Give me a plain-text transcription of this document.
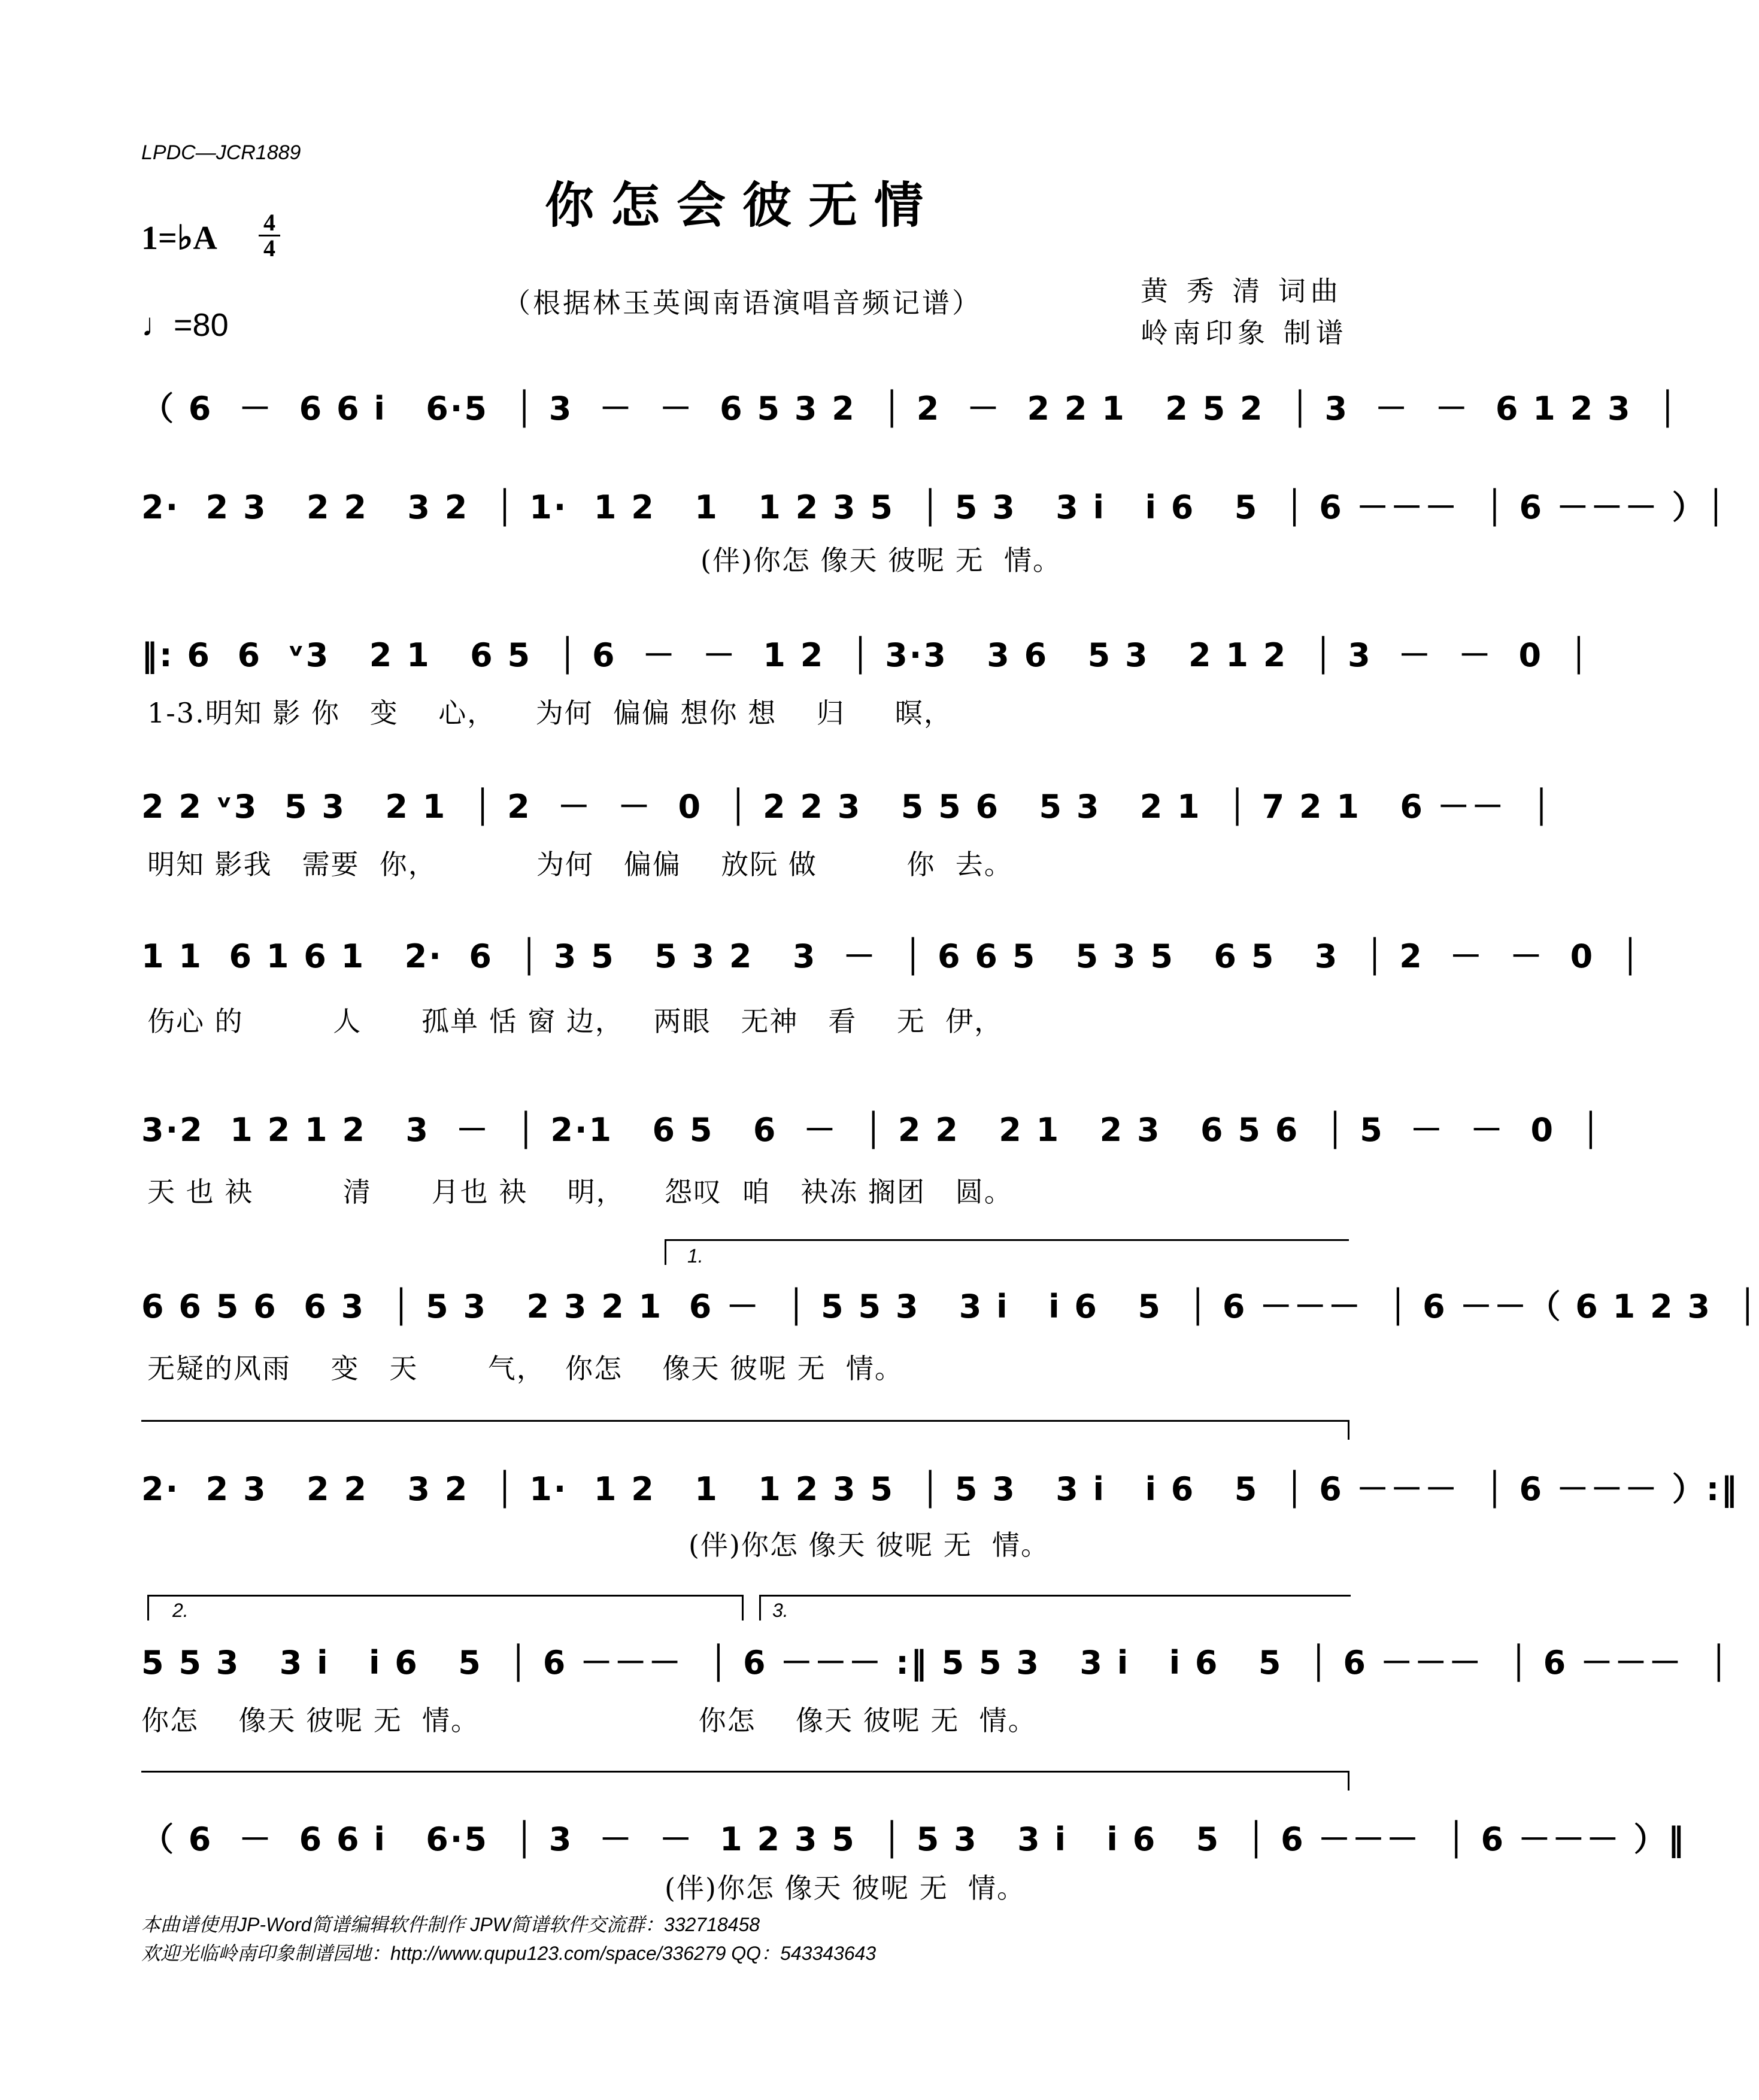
LPDC—JCR1889
你怎会彼无情
1=♭A 4
4
♩=80
（根据林玉英闽南语演唱音频记谱）	黄 秀 清 词曲
岭南印象 制谱
（ 6  －  6 6 i   6·5  │ 3  －  －  6 5 3 2  │ 2  －  2 2 1   2 5 2  │ 3  －  －  6 1 2 3  │
2·  2 3   2 2   3 2  │ 1·  1 2   1   1 2 3 5  │ 5 3   3 i   i 6   5  │ 6 －－－  │ 6 －－－ ）│
(伴)你怎 像天 彼呢 无  情。
‖: 6  6  ᵛ3   2 1   6 5  │ 6  －  －  1 2  │ 3·3   3 6   5 3   2 1 2  │ 3  －  －  0  │
1-3.明知 影 你   变    心，    为何  偏偏 想你 想    归     暝，
2 2 ᵛ3  5 3   2 1  │ 2  －  －  0  │ 2 2 3   5 5 6   5 3   2 1  │ 7 2 1   6 －－  │
明知 影我   需要  你，          为何   偏偏    放阮 做         你  去。
1 1  6 1 6 1   2·  6  │ 3 5   5 3 2   3  －  │ 6 6 5   5 3 5   6 5   3  │ 2  －  －  0  │
伤心 的         人      孤单 恬 窗 边，   两眼   无神   看    无  伊，
3·2  1 2 1 2   3  －  │ 2·1   6 5   6  －  │ 2 2   2 1   2 3   6 5 6  │ 5  －  －  0  │
天 也 袂         清      月也 袂    明，    怨叹  咱   袂冻 搁团   圆。
1.
6 6 5 6  6 3  │ 5 3   2 3 2 1  6 －  │ 5 5 3   3 i   i 6   5  │ 6 －－－  │ 6 －－（ 6 1 2 3  │
无疑的风雨    变   天       气，  你怎    像天 彼呢 无  情。
2·  2 3   2 2   3 2  │ 1·  1 2   1   1 2 3 5  │ 5 3   3 i   i 6   5  │ 6 －－－  │ 6 －－－ ）:‖
(伴)你怎 像天 彼呢 无  情。
2.	3.
5 5 3   3 i   i 6   5  │ 6 －－－  │ 6 －－－ :‖ 5 5 3   3 i   i 6   5  │ 6 －－－  │ 6 －－－  │
你怎    像天 彼呢 无  情。                      你怎    像天 彼呢 无  情。
（ 6  －  6 6 i   6·5  │ 3  －  －  1 2 3 5  │ 5 3   3 i   i 6   5  │ 6 －－－  │ 6 －－－ ）‖
(伴)你怎 像天 彼呢 无  情。
本曲谱使用JP-Word简谱编辑软件制作 JPW简谱软件交流群：332718458
欢迎光临岭南印象制谱园地：http://www.qupu123.com/space/336279 QQ：543343643
